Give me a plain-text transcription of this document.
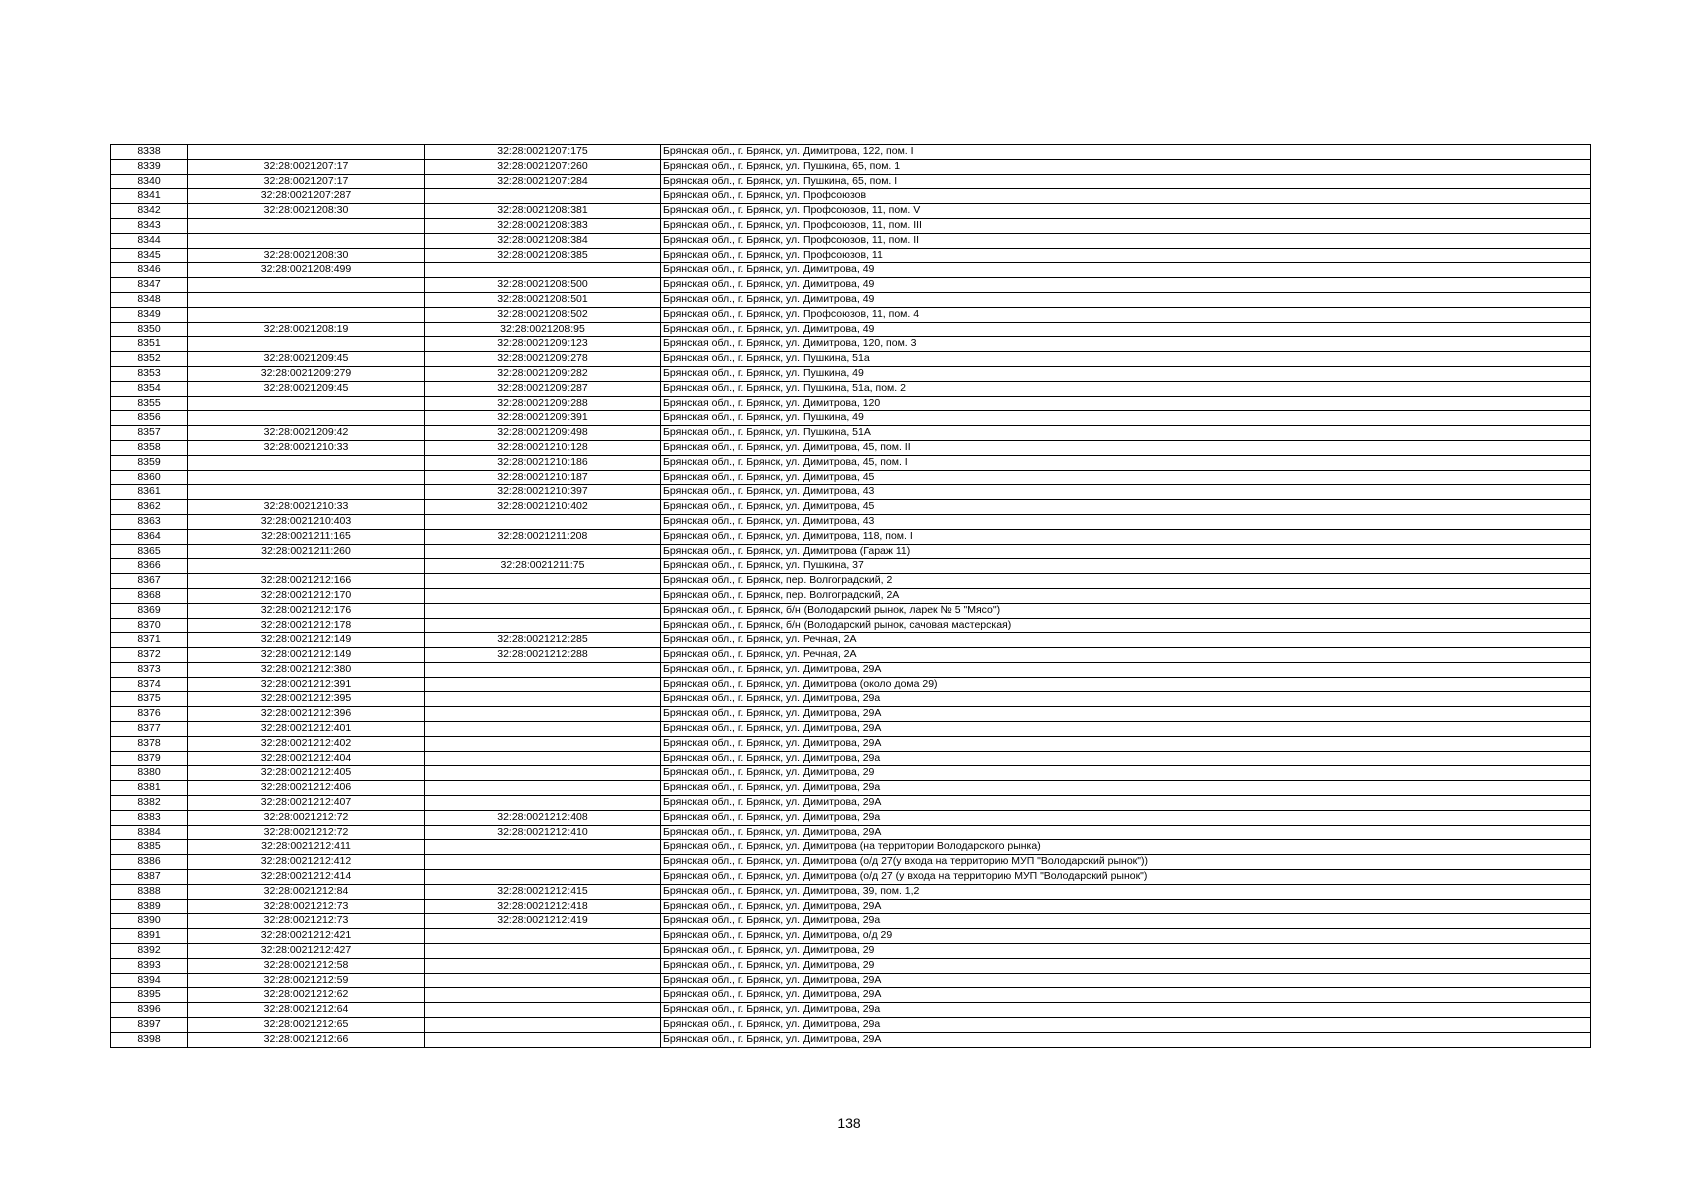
8338		32:28:0021207:175	Брянская обл., г. Брянск, ул. Димитрова, 122, пом. I
8339	32:28:0021207:17	32:28:0021207:260	Брянская обл., г. Брянск, ул. Пушкина, 65, пом. 1
8340	32:28:0021207:17	32:28:0021207:284	Брянская обл., г. Брянск, ул. Пушкина, 65, пом. I
8341	32:28:0021207:287		Брянская обл., г. Брянск, ул. Профсоюзов
8342	32:28:0021208:30	32:28:0021208:381	Брянская обл., г. Брянск, ул. Профсоюзов, 11, пом. V
8343		32:28:0021208:383	Брянская обл., г. Брянск, ул. Профсоюзов, 11, пом. III
8344		32:28:0021208:384	Брянская обл., г. Брянск, ул. Профсоюзов, 11, пом. II
8345	32:28:0021208:30	32:28:0021208:385	Брянская обл., г. Брянск, ул. Профсоюзов, 11
8346	32:28:0021208:499		Брянская обл., г. Брянск, ул. Димитрова, 49
8347		32:28:0021208:500	Брянская обл., г. Брянск, ул. Димитрова, 49
8348		32:28:0021208:501	Брянская обл., г. Брянск, ул. Димитрова, 49
8349		32:28:0021208:502	Брянская обл., г. Брянск, ул. Профсоюзов, 11, пом. 4
8350	32:28:0021208:19	32:28:0021208:95	Брянская обл., г. Брянск, ул. Димитрова, 49
8351		32:28:0021209:123	Брянская обл., г. Брянск, ул. Димитрова, 120, пом. 3
8352	32:28:0021209:45	32:28:0021209:278	Брянская обл., г. Брянск, ул. Пушкина, 51а
8353	32:28:0021209:279	32:28:0021209:282	Брянская обл., г. Брянск, ул. Пушкина, 49
8354	32:28:0021209:45	32:28:0021209:287	Брянская обл., г. Брянск, ул. Пушкина, 51а, пом. 2
8355		32:28:0021209:288	Брянская обл., г. Брянск, ул. Димитрова, 120
8356		32:28:0021209:391	Брянская обл., г. Брянск, ул. Пушкина, 49
8357	32:28:0021209:42	32:28:0021209:498	Брянская обл., г. Брянск, ул. Пушкина, 51А
8358	32:28:0021210:33	32:28:0021210:128	Брянская обл., г. Брянск, ул. Димитрова, 45, пом. II
8359		32:28:0021210:186	Брянская обл., г. Брянск, ул. Димитрова, 45, пом. I
8360		32:28:0021210:187	Брянская обл., г. Брянск, ул. Димитрова, 45
8361		32:28:0021210:397	Брянская обл., г. Брянск, ул. Димитрова, 43
8362	32:28:0021210:33	32:28:0021210:402	Брянская обл., г. Брянск, ул. Димитрова, 45
8363	32:28:0021210:403		Брянская обл., г. Брянск, ул. Димитрова, 43
8364	32:28:0021211:165	32:28:0021211:208	Брянская обл., г. Брянск, ул. Димитрова, 118, пом. I
8365	32:28:0021211:260		Брянская обл., г. Брянск, ул. Димитрова (Гараж 11)
8366		32:28:0021211:75	Брянская обл., г. Брянск, ул. Пушкина, 37
8367	32:28:0021212:166		Брянская обл., г. Брянск, пер. Волгоградский, 2
8368	32:28:0021212:170		Брянская обл., г. Брянск, пер. Волгоградский, 2А
8369	32:28:0021212:176		Брянская обл., г. Брянск, б/н (Володарский рынок, ларек № 5 "Мясо")
8370	32:28:0021212:178		Брянская обл., г. Брянск, б/н (Володарский рынок, сачовая мастерская)
8371	32:28:0021212:149	32:28:0021212:285	Брянская обл., г. Брянск, ул. Речная, 2А
8372	32:28:0021212:149	32:28:0021212:288	Брянская обл., г. Брянск, ул. Речная, 2А
8373	32:28:0021212:380		Брянская обл., г. Брянск, ул. Димитрова, 29А
8374	32:28:0021212:391		Брянская обл., г. Брянск, ул. Димитрова (около дома 29)
8375	32:28:0021212:395		Брянская обл., г. Брянск, ул. Димитрова, 29а
8376	32:28:0021212:396		Брянская обл., г. Брянск, ул. Димитрова, 29А
8377	32:28:0021212:401		Брянская обл., г. Брянск, ул. Димитрова, 29А
8378	32:28:0021212:402		Брянская обл., г. Брянск, ул. Димитрова, 29А
8379	32:28:0021212:404		Брянская обл., г. Брянск, ул. Димитрова, 29а
8380	32:28:0021212:405		Брянская обл., г. Брянск, ул. Димитрова, 29
8381	32:28:0021212:406		Брянская обл., г. Брянск, ул. Димитрова, 29а
8382	32:28:0021212:407		Брянская обл., г. Брянск, ул. Димитрова, 29А
8383	32:28:0021212:72	32:28:0021212:408	Брянская обл., г. Брянск, ул. Димитрова, 29а
8384	32:28:0021212:72	32:28:0021212:410	Брянская обл., г. Брянск, ул. Димитрова, 29А
8385	32:28:0021212:411		Брянская обл., г. Брянск, ул. Димитрова (на территории Володарского рынка)
8386	32:28:0021212:412		Брянская обл., г. Брянск, ул. Димитрова (о/д 27(у входа на территорию МУП "Володарский рынок"))
8387	32:28:0021212:414		Брянская обл., г. Брянск, ул. Димитрова (о/д 27 (у входа на территорию МУП "Володарский рынок")
8388	32:28:0021212:84	32:28:0021212:415	Брянская обл., г. Брянск, ул. Димитрова, 39, пом. 1,2
8389	32:28:0021212:73	32:28:0021212:418	Брянская обл., г. Брянск, ул. Димитрова, 29А
8390	32:28:0021212:73	32:28:0021212:419	Брянская обл., г. Брянск, ул. Димитрова, 29а
8391	32:28:0021212:421		Брянская обл., г. Брянск, ул. Димитрова, о/д 29
8392	32:28:0021212:427		Брянская обл., г. Брянск, ул. Димитрова, 29
8393	32:28:0021212:58		Брянская обл., г. Брянск, ул. Димитрова, 29
8394	32:28:0021212:59		Брянская обл., г. Брянск, ул. Димитрова, 29А
8395	32:28:0021212:62		Брянская обл., г. Брянск, ул. Димитрова, 29А
8396	32:28:0021212:64		Брянская обл., г. Брянск, ул. Димитрова, 29а
8397	32:28:0021212:65		Брянская обл., г. Брянск, ул. Димитрова, 29а
8398	32:28:0021212:66		Брянская обл., г. Брянск, ул. Димитрова, 29А
138
